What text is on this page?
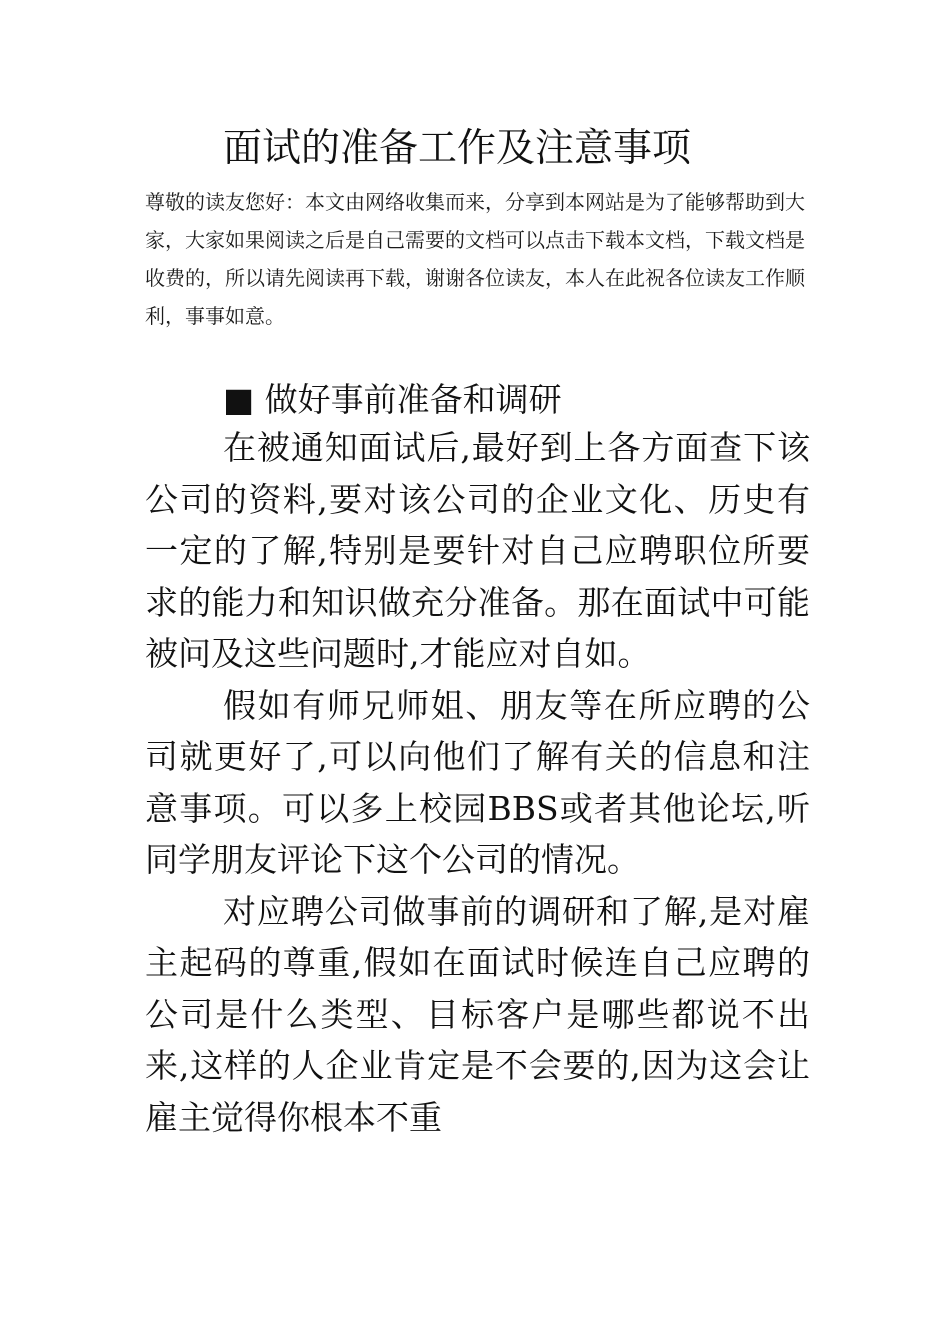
面试的准备工作及注意事项

尊敬的读友您好：本文由网络收集而来，分享到本网站是为了能够帮助到大家，大家如果阅读之后是自己需要的文档可以点击下载本文档，下载文档是收费的，所以请先阅读再下载，谢谢各位读友，本人在此祝各位读友工作顺利，事事如意。

■ 做好事前准备和调研

在被通知面试后,最好到上各方面查下该公司的资料,要对该公司的企业文化、历史有一定的了解,特别是要针对自己应聘职位所要求的能力和知识做充分准备。那在面试中可能被问及这些问题时,才能应对自如。

假如有师兄师姐、朋友等在所应聘的公司就更好了,可以向他们了解有关的信息和注意事项。可以多上校园BBS或者其他论坛,听同学朋友评论下这个公司的情况。

对应聘公司做事前的调研和了解,是对雇主起码的尊重,假如在面试时候连自己应聘的公司是什么类型、目标客户是哪些都说不出来,这样的人企业肯定是不会要的,因为这会让雇主觉得你根本不重
